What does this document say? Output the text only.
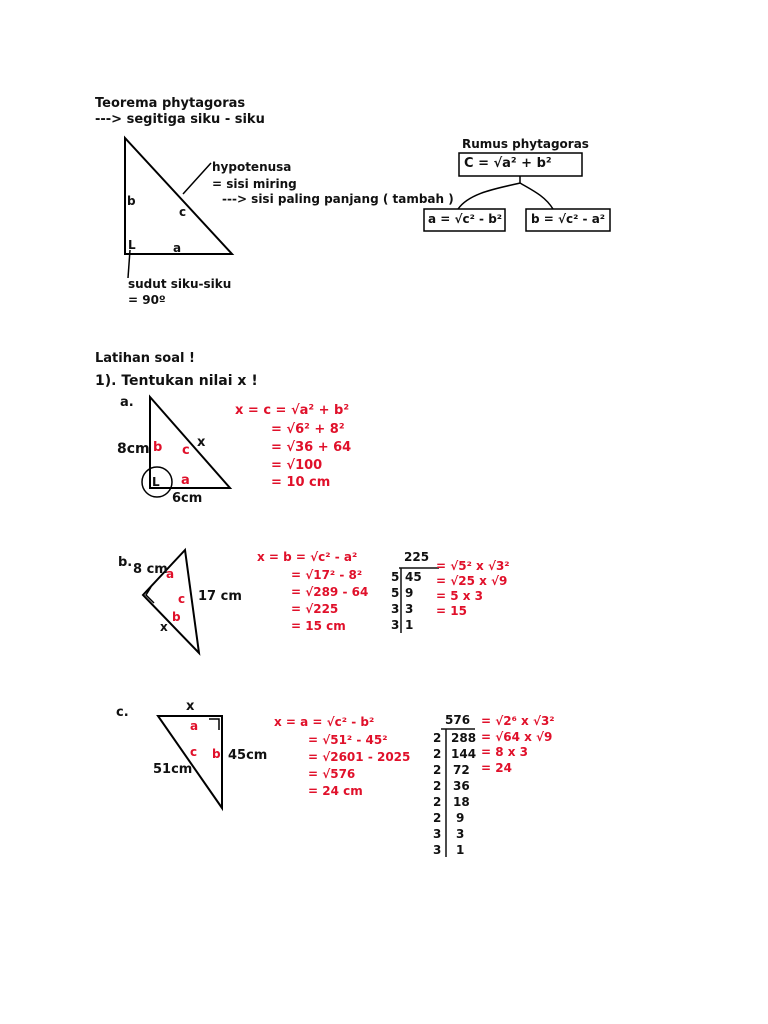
Teorema phytagoras
---> segitiga siku - siku
b
c
a
L
hypotenusa
= sisi miring
---> sisi paling panjang ( tambah )
sudut siku-siku
= 90º
Rumus phytagoras
C = √a² + b²
a = √c² - b² b = √c² - a²
Latihan soal !
1). Tentukan nilai x !
a.
8cm
6cm
x
b c
a
L
x = c = √a² + b²
= √6² + 8²
= √36 + 64
= √100
= 10 cm
b. 8 cm
17 cm
x
a
c
b
x = b = √c² - a²
= √17² - 8²
= √289 - 64
= √225
= 15 cm
225
5
5
3
3
45
9
3
1
= √5² x √3²
= √25 x √9
= 5 x 3
= 15
c.	x
51cm
45cm
a
c b
x = a = √c² - b²
= √51² - 45²
= √2601 - 2025
= √576
= 24 cm
576
2
2
2
2
2
2
3
3
288
144
72
36
18
9
3
1
= √2⁶ x √3²
= √64 x √9
= 8 x 3
= 24
